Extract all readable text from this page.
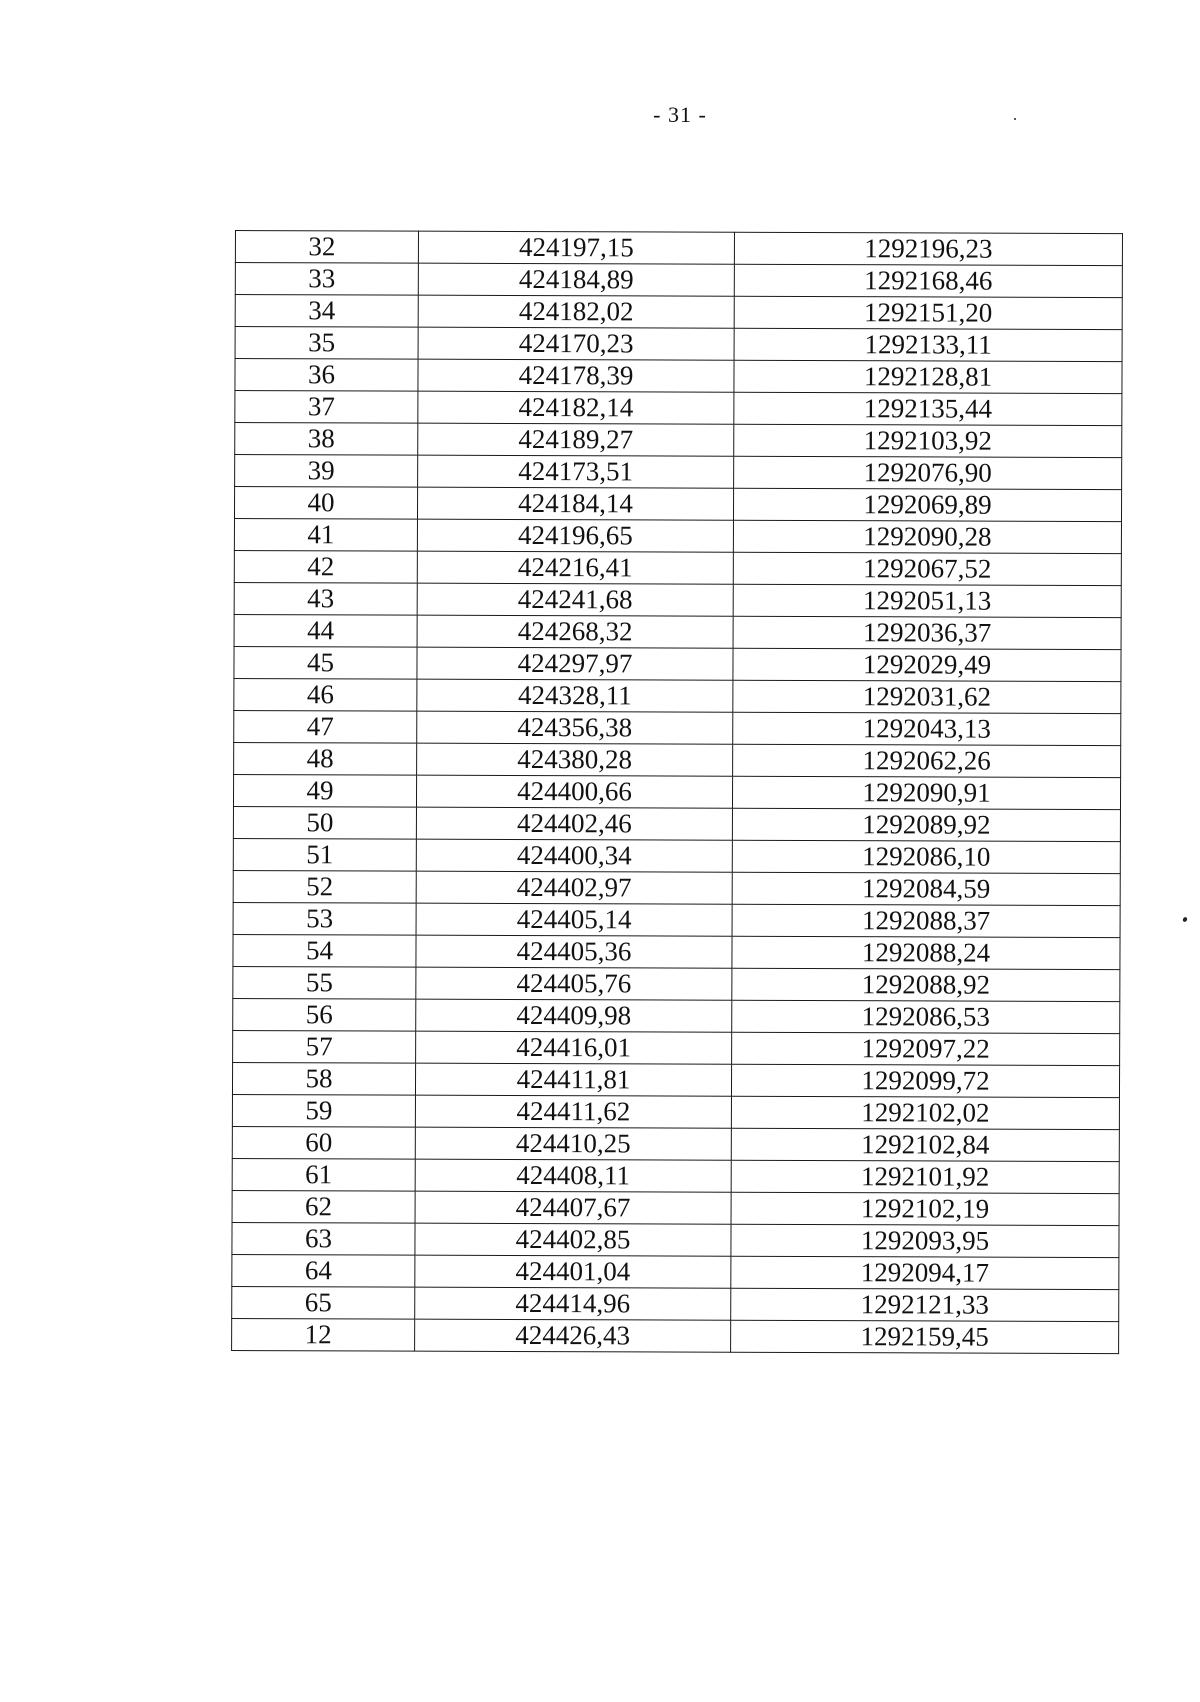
- 31 -
32	424197,15	1292196,23
33	424184,89	1292168,46
34	424182,02	1292151,20
35	424170,23	1292133,11
36	424178,39	1292128,81
37	424182,14	1292135,44
38	424189,27	1292103,92
39	424173,51	1292076,90
40	424184,14	1292069,89
41	424196,65	1292090,28
42	424216,41	1292067,52
43	424241,68	1292051,13
44	424268,32	1292036,37
45	424297,97	1292029,49
46	424328,11	1292031,62
47	424356,38	1292043,13
48	424380,28	1292062,26
49	424400,66	1292090,91
50	424402,46	1292089,92
51	424400,34	1292086,10
52	424402,97	1292084,59
53	424405,14	1292088,37
54	424405,36	1292088,24
55	424405,76	1292088,92
56	424409,98	1292086,53
57	424416,01	1292097,22
58	424411,81	1292099,72
59	424411,62	1292102,02
60	424410,25	1292102,84
61	424408,11	1292101,92
62	424407,67	1292102,19
63	424402,85	1292093,95
64	424401,04	1292094,17
65	424414,96	1292121,33
12	424426,43	1292159,45
